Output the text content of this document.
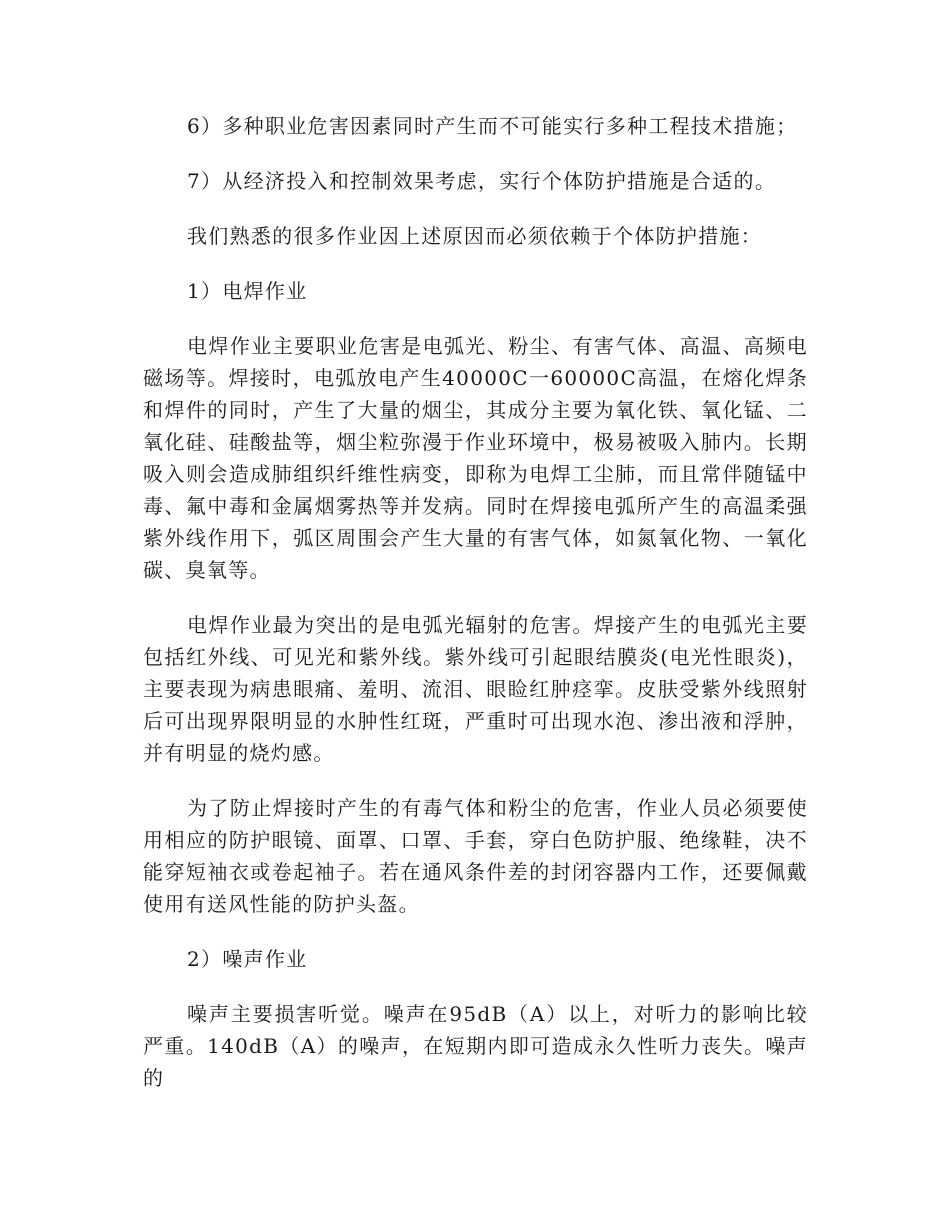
6）多种职业危害因素同时产生而不可能实行多种工程技术措施；

7）从经济投入和控制效果考虑，实行个体防护措施是合适的。

我们熟悉的很多作业因上述原因而必须依赖于个体防护措施：

1）电焊作业

电焊作业主要职业危害是电弧光、粉尘、有害气体、高温、高频电磁场等。焊接时，电弧放电产生40000C一60000C高温，在熔化焊条和焊件的同时，产生了大量的烟尘，其成分主要为氧化铁、氧化锰、二氧化硅、硅酸盐等，烟尘粒弥漫于作业环境中，极易被吸入肺内。长期吸入则会造成肺组织纤维性病变，即称为电焊工尘肺，而且常伴随锰中毒、氟中毒和金属烟雾热等并发病。同时在焊接电弧所产生的高温柔强紫外线作用下，弧区周围会产生大量的有害气体，如氮氧化物、一氧化碳、臭氧等。

电焊作业最为突出的是电弧光辐射的危害。焊接产生的电弧光主要包括红外线、可见光和紫外线。紫外线可引起眼结膜炎(电光性眼炎)，主要表现为病患眼痛、羞明、流泪、眼睑红肿痉挛。皮肤受紫外线照射后可出现界限明显的水肿性红斑，严重时可出现水泡、渗出液和浮肿，并有明显的烧灼感。

为了防止焊接时产生的有毒气体和粉尘的危害，作业人员必须要使用相应的防护眼镜、面罩、口罩、手套，穿白色防护服、绝缘鞋，决不能穿短袖衣或卷起袖子。若在通风条件差的封闭容器内工作，还要佩戴使用有送风性能的防护头盔。

2）噪声作业

噪声主要损害听觉。噪声在95dB（A）以上，对听力的影响比较严重。140dB（A）的噪声，在短期内即可造成永久性听力丧失。噪声的
